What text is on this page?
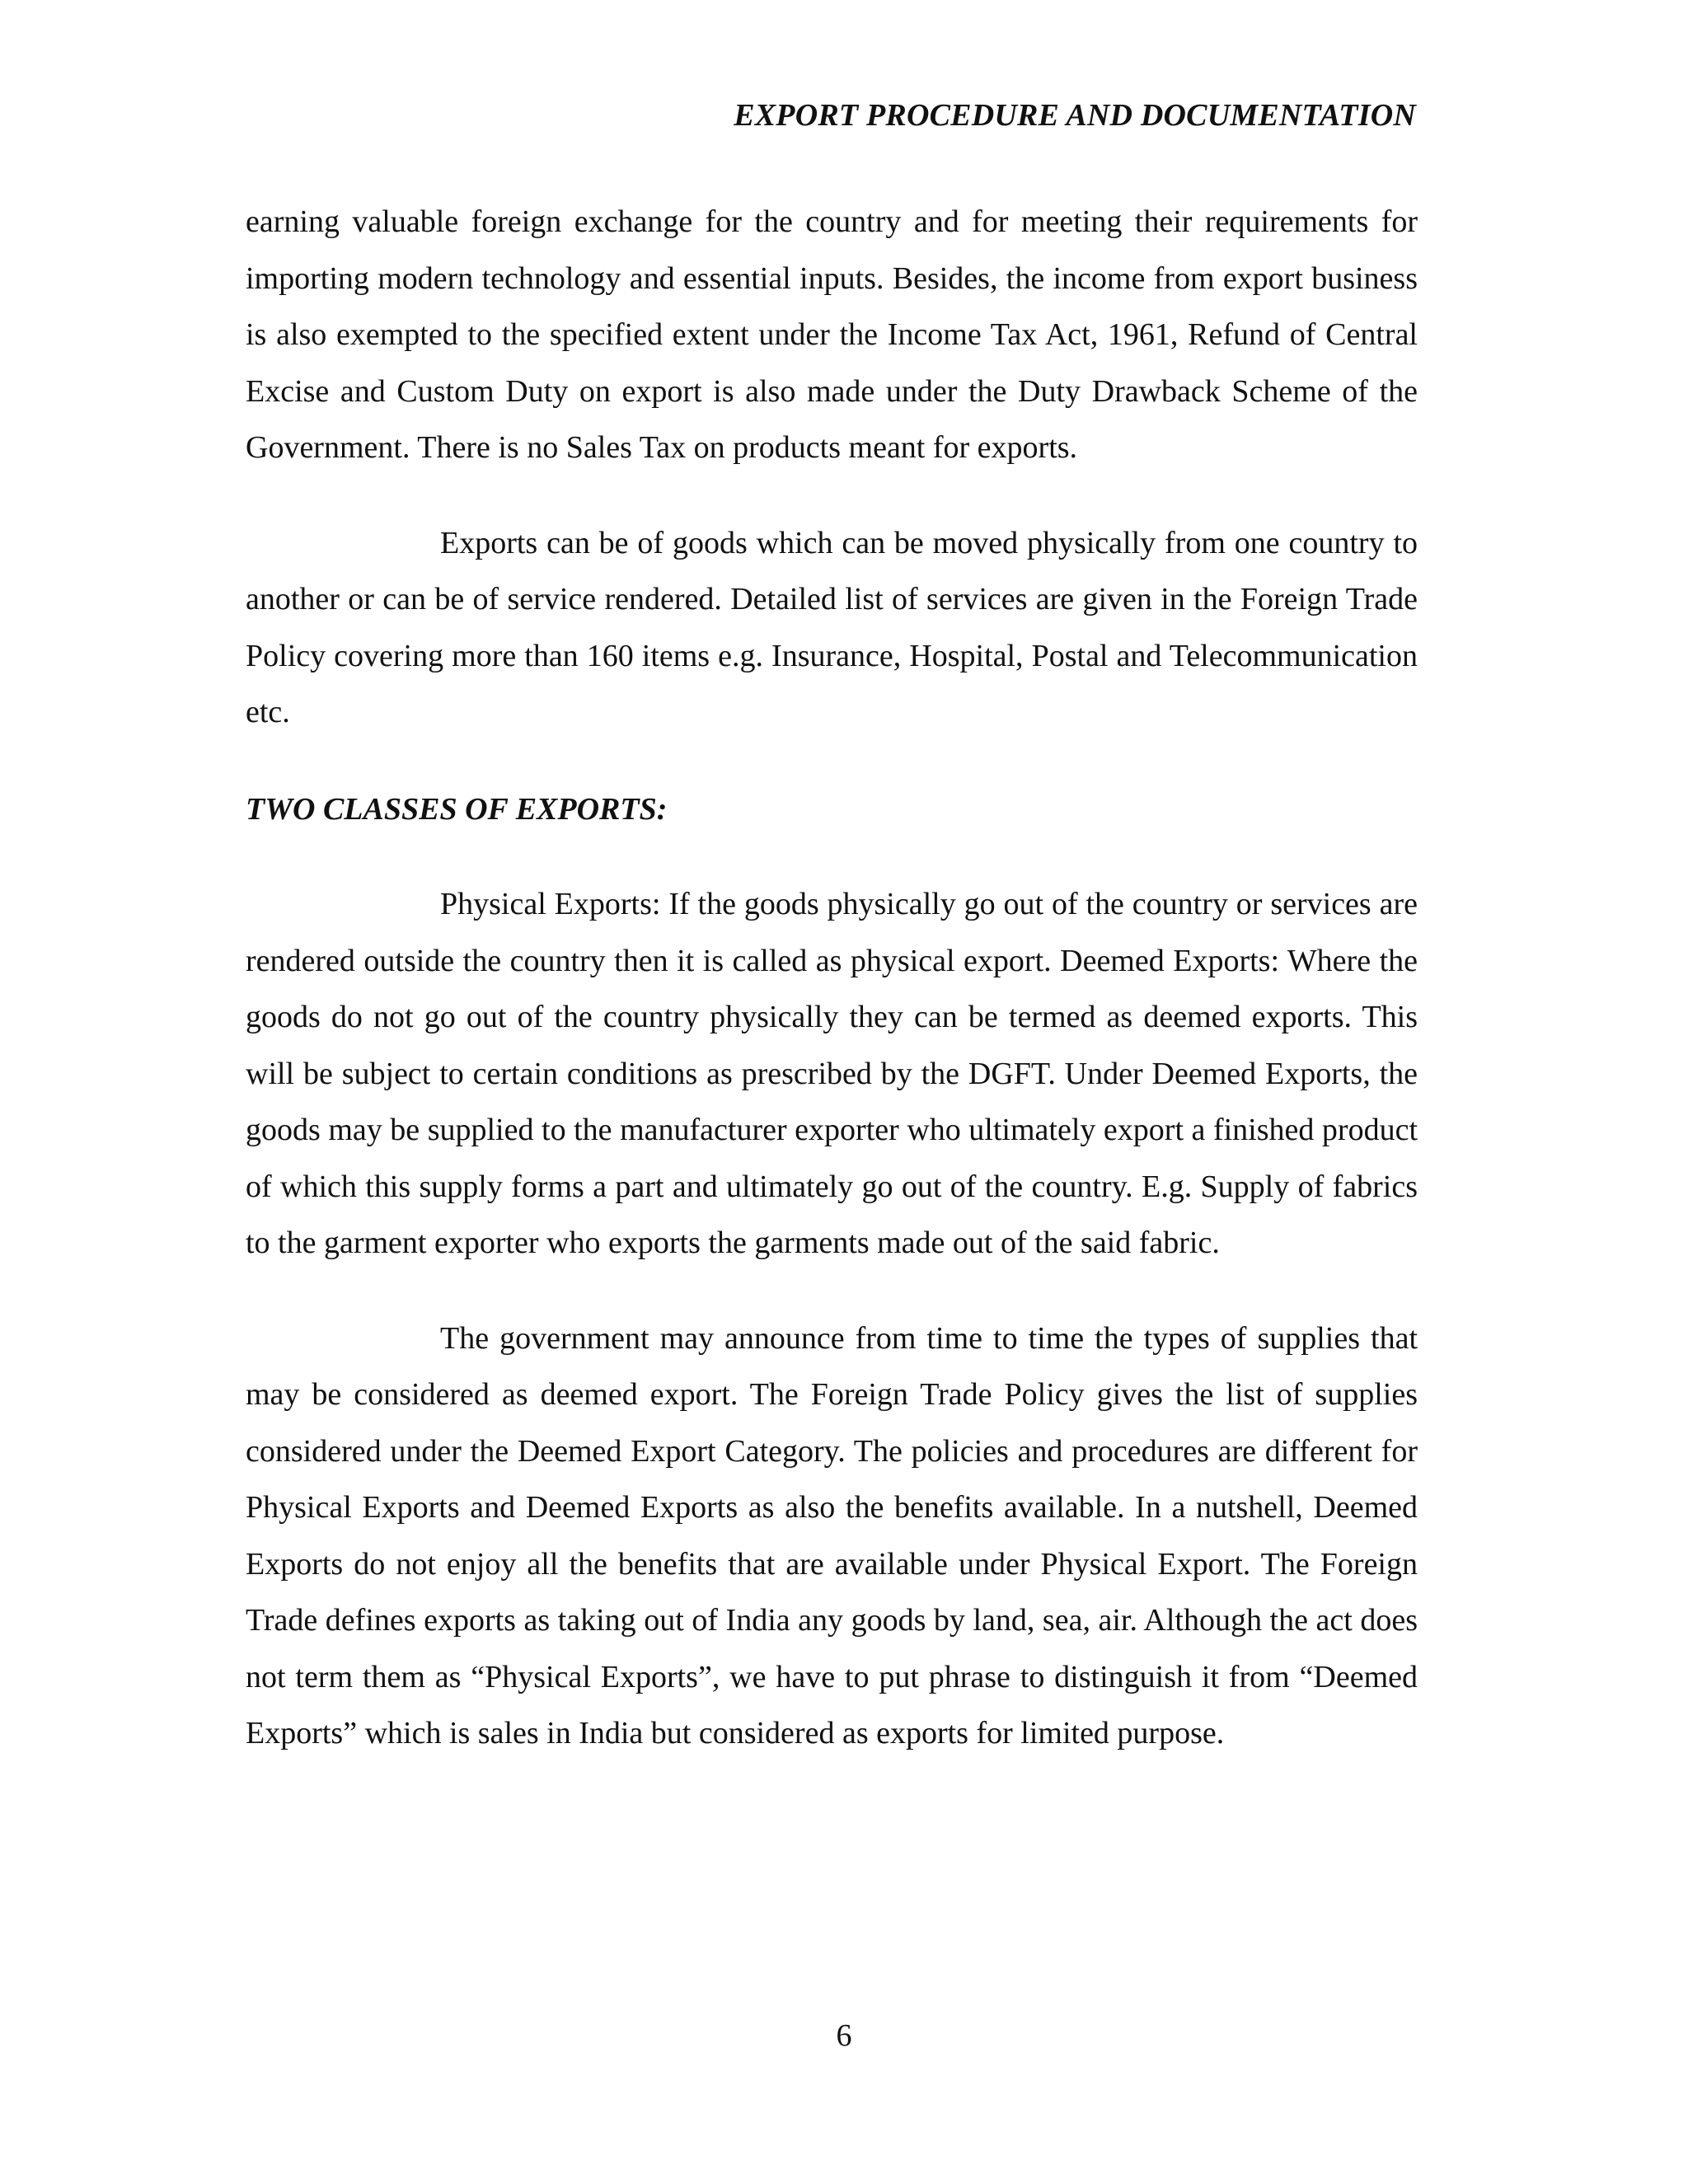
EXPORT PROCEDURE AND DOCUMENTATION

earning valuable foreign exchange for the country and for meeting their requirements for importing modern technology and essential inputs. Besides, the income from export business is also exempted to the specified extent under the Income Tax Act, 1961, Refund of Central Excise and Custom Duty on export is also made under the Duty Drawback Scheme of the Government. There is no Sales Tax on products meant for exports.

Exports can be of goods which can be moved physically from one country to another or can be of service rendered. Detailed list of services are given in the Foreign Trade Policy covering more than 160 items e.g. Insurance, Hospital, Postal and Telecommunication etc.

TWO CLASSES OF EXPORTS:

Physical Exports: If the goods physically go out of the country or services are rendered outside the country then it is called as physical export. Deemed Exports: Where the goods do not go out of the country physically they can be termed as deemed exports. This will be subject to certain conditions as prescribed by the DGFT. Under Deemed Exports, the goods may be supplied to the manufacturer exporter who ultimately export a finished product of which this supply forms a part and ultimately go out of the country. E.g. Supply of fabrics to the garment exporter who exports the garments made out of the said fabric.

The government may announce from time to time the types of supplies that may be considered as deemed export. The Foreign Trade Policy gives the list of supplies considered under the Deemed Export Category. The policies and procedures are different for Physical Exports and Deemed Exports as also the benefits available. In a nutshell, Deemed Exports do not enjoy all the benefits that are available under Physical Export. The Foreign Trade defines exports as taking out of India any goods by land, sea, air. Although the act does not term them as “Physical Exports”, we have to put phrase to distinguish it from “Deemed Exports” which is sales in India but considered as exports for limited purpose.

6
